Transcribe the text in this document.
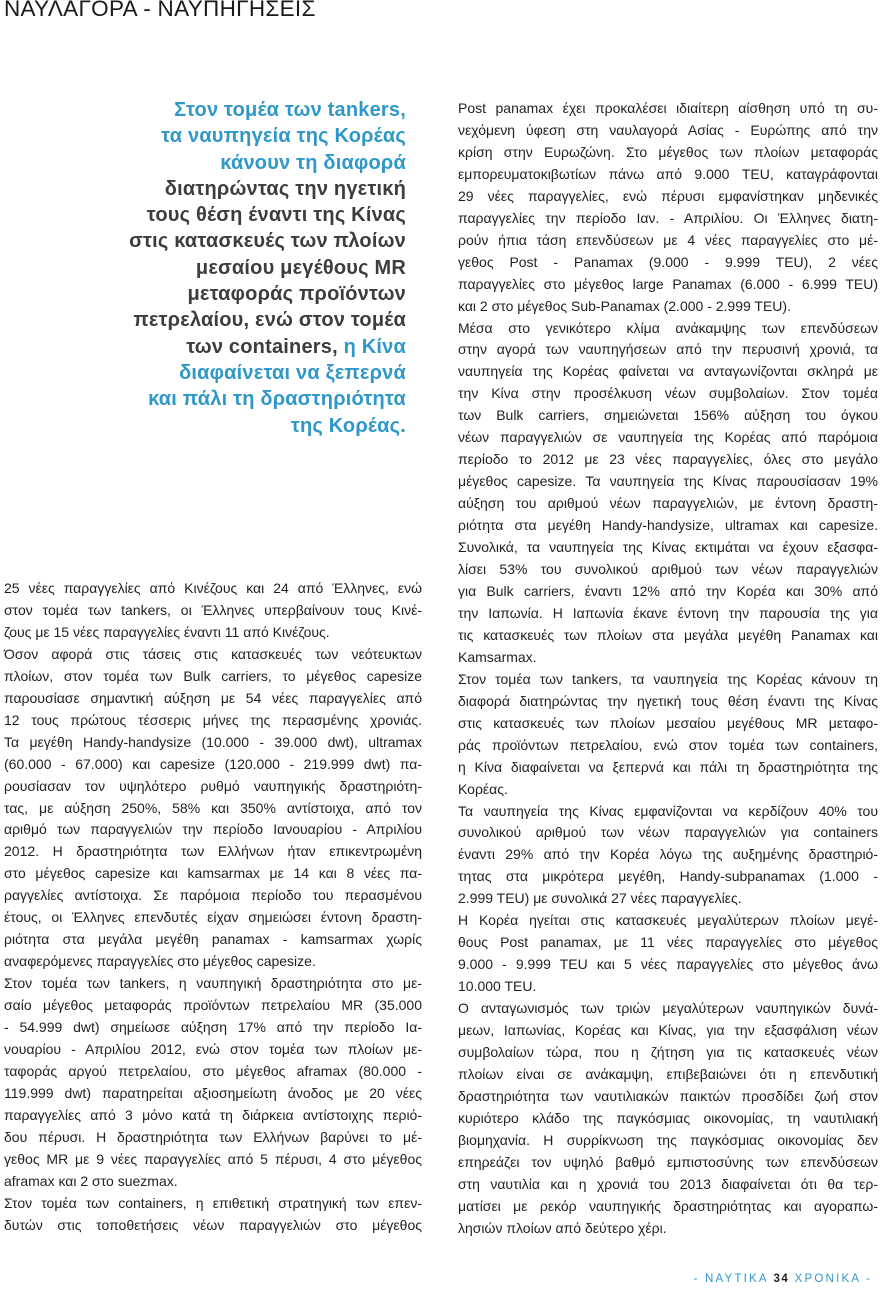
ΝΑΥΛΑΓΟΡΑ - ΝΑΥΠΗΓΗΣΕΙΣ
Στον τομέα των tankers,
τα ναυπηγεία της Κορέας
κάνουν τη διαφορά
διατηρώντας την ηγετική
τους θέση έναντι της Κίνας
στις κατασκευές των πλοίων
μεσαίου μεγέθους MR
μεταφοράς προϊόντων
πετρελαίου, ενώ στον τομέα
των containers, η Κίνα
διαφαίνεται να ξεπερνά
και πάλι τη δραστηριότητα
της Κορέας.
25 νέες παραγγελίες από Κινέζους και 24 από Έλληνες, ενώ
στον τομέα των tankers, οι Έλληνες υπερβαίνουν τους Κινέ-
ζους με 15 νέες παραγγελίες έναντι 11 από Κινέζους.
Όσον αφορά στις τάσεις στις κατασκευές των νεότευκτων
πλοίων, στον τομέα των Bulk carriers, το μέγεθος capesize
παρουσίασε σημαντική αύξηση με 54 νέες παραγγελίες από
12 τους πρώτους τέσσερις μήνες της περασμένης χρονιάς.
Τα μεγέθη Handy-handysize (10.000 - 39.000 dwt), ultramax
(60.000 - 67.000) και capesize (120.000 - 219.999 dwt) πα-
ρουσίασαν τον υψηλότερο ρυθμό ναυπηγικής δραστηριότη-
τας, με αύξηση 250%, 58% και 350% αντίστοιχα, από τον
αριθμό των παραγγελιών την περίοδο Ιανουαρίου - Απριλίου
2012. Η δραστηριότητα των Ελλήνων ήταν επικεντρωμένη
στο μέγεθος capesize και kamsarmax με 14 και 8 νέες πα-
ραγγελίες αντίστοιχα. Σε παρόμοια περίοδο του περασμένου
έτους, οι Έλληνες επενδυτές είχαν σημειώσει έντονη δραστη-
ριότητα στα μεγάλα μεγέθη panamax - kamsarmax χωρίς
αναφερόμενες παραγγελίες στο μέγεθος capesize.
Στον τομέα των tankers, η ναυπηγική δραστηριότητα στο με-
σαίο μέγεθος μεταφοράς προϊόντων πετρελαίου MR (35.000
- 54.999 dwt) σημείωσε αύξηση 17% από την περίοδο Ια-
νουαρίου - Απριλίου 2012, ενώ στον τομέα των πλοίων με-
ταφοράς αργού πετρελαίου, στο μέγεθος aframax (80.000 -
119.999 dwt) παρατηρείται αξιοσημείωτη άνοδος με 20 νέες
παραγγελίες από 3 μόνο κατά τη διάρκεια αντίστοιχης περιό-
δου πέρυσι. Η δραστηριότητα των Ελλήνων βαρύνει το μέ-
γεθος MR με 9 νέες παραγγελίες από 5 πέρυσι, 4 στο μέγεθος
aframax και 2 στο suezmax.
Στον τομέα των containers, η επιθετική στρατηγική των επεν-
δυτών στις τοποθετήσεις νέων παραγγελιών στο μέγεθος
Post panamax έχει προκαλέσει ιδιαίτερη αίσθηση υπό τη συ-
νεχόμενη ύφεση στη ναυλαγορά Ασίας - Ευρώπης από την
κρίση στην Ευρωζώνη. Στο μέγεθος των πλοίων μεταφοράς
εμπορευματοκιβωτίων πάνω από 9.000 TEU, καταγράφονται
29 νέες παραγγελίες, ενώ πέρυσι εμφανίστηκαν μηδενικές
παραγγελίες την περίοδο Ιαν. - Απριλίου. Οι Έλληνες διατη-
ρούν ήπια τάση επενδύσεων με 4 νέες παραγγελίες στο μέ-
γεθος Post - Panamax (9.000 - 9.999 TEU), 2 νέες
παραγγελίες στο μέγεθος large Panamax (6.000 - 6.999 TEU)
και 2 στο μέγεθος Sub-Panamax (2.000 - 2.999 TEU).
Μέσα στο γενικότερο κλίμα ανάκαμψης των επενδύσεων
στην αγορά των ναυπηγήσεων από την περυσινή χρονιά, τα
ναυπηγεία της Κορέας φαίνεται να ανταγωνίζονται σκληρά με
την Κίνα στην προσέλκυση νέων συμβολαίων. Στον τομέα
των Bulk carriers, σημειώνεται 156% αύξηση του όγκου
νέων παραγγελιών σε ναυπηγεία της Κορέας από παρόμοια
περίοδο το 2012 με 23 νέες παραγγελίες, όλες στο μεγάλο
μέγεθος capesize. Τα ναυπηγεία της Κίνας παρουσίασαν 19%
αύξηση του αριθμού νέων παραγγελιών, με έντονη δραστη-
ριότητα στα μεγέθη Handy-handysize, ultramax και capesize.
Συνολικά, τα ναυπηγεία της Κίνας εκτιμάται να έχουν εξασφα-
λίσει 53% του συνολικού αριθμού των νέων παραγγελιών
για Bulk carriers, έναντι 12% από την Κορέα και 30% από
την Ιαπωνία. Η Ιαπωνία έκανε έντονη την παρουσία της για
τις κατασκευές των πλοίων στα μεγάλα μεγέθη Panamax και
Kamsarmax.
Στον τομέα των tankers, τα ναυπηγεία της Κορέας κάνουν τη
διαφορά διατηρώντας την ηγετική τους θέση έναντι της Κίνας
στις κατασκευές των πλοίων μεσαίου μεγέθους MR μεταφο-
ράς προϊόντων πετρελαίου, ενώ στον τομέα των containers,
η Κίνα διαφαίνεται να ξεπερνά και πάλι τη δραστηριότητα της
Κορέας.
Τα ναυπηγεία της Κίνας εμφανίζονται να κερδίζουν 40% του
συνολικού αριθμού των νέων παραγγελιών για containers
έναντι 29% από την Κορέα λόγω της αυξημένης δραστηριό-
τητας στα μικρότερα μεγέθη, Handy-subpanamax (1.000 -
2.999 TEU) με συνολικά 27 νέες παραγγελίες.
Η Κορέα ηγείται στις κατασκευές μεγαλύτερων πλοίων μεγέ-
θους Post panamax, με 11 νέες παραγγελίες στο μέγεθος
9.000 - 9.999 TEU και 5 νέες παραγγελίες στο μέγεθος άνω
10.000 TEU.
Ο ανταγωνισμός των τριών μεγαλύτερων ναυπηγικών δυνά-
μεων, Ιαπωνίας, Κορέας και Κίνας, για την εξασφάλιση νέων
συμβολαίων τώρα, που η ζήτηση για τις κατασκευές νέων
πλοίων είναι σε ανάκαμψη, επιβεβαιώνει ότι η επενδυτική
δραστηριότητα των ναυτιλιακών παικτών προσδίδει ζωή στον
κυριότερο κλάδο της παγκόσμιας οικονομίας, τη ναυτιλιακή
βιομηχανία. Η συρρίκνωση της παγκόσμιας οικονομίας δεν
επηρεάζει τον υψηλό βαθμό εμπιστοσύνης των επενδύσεων
στη ναυτιλία και η χρονιά του 2013 διαφαίνεται ότι θα τερ-
ματίσει με ρεκόρ ναυπηγικής δραστηριότητας και αγοραπω-
λησιών πλοίων από δεύτερο χέρι.
- ΝΑΥΤΙΚΑ 34 ΧΡΟΝΙΚΑ -
